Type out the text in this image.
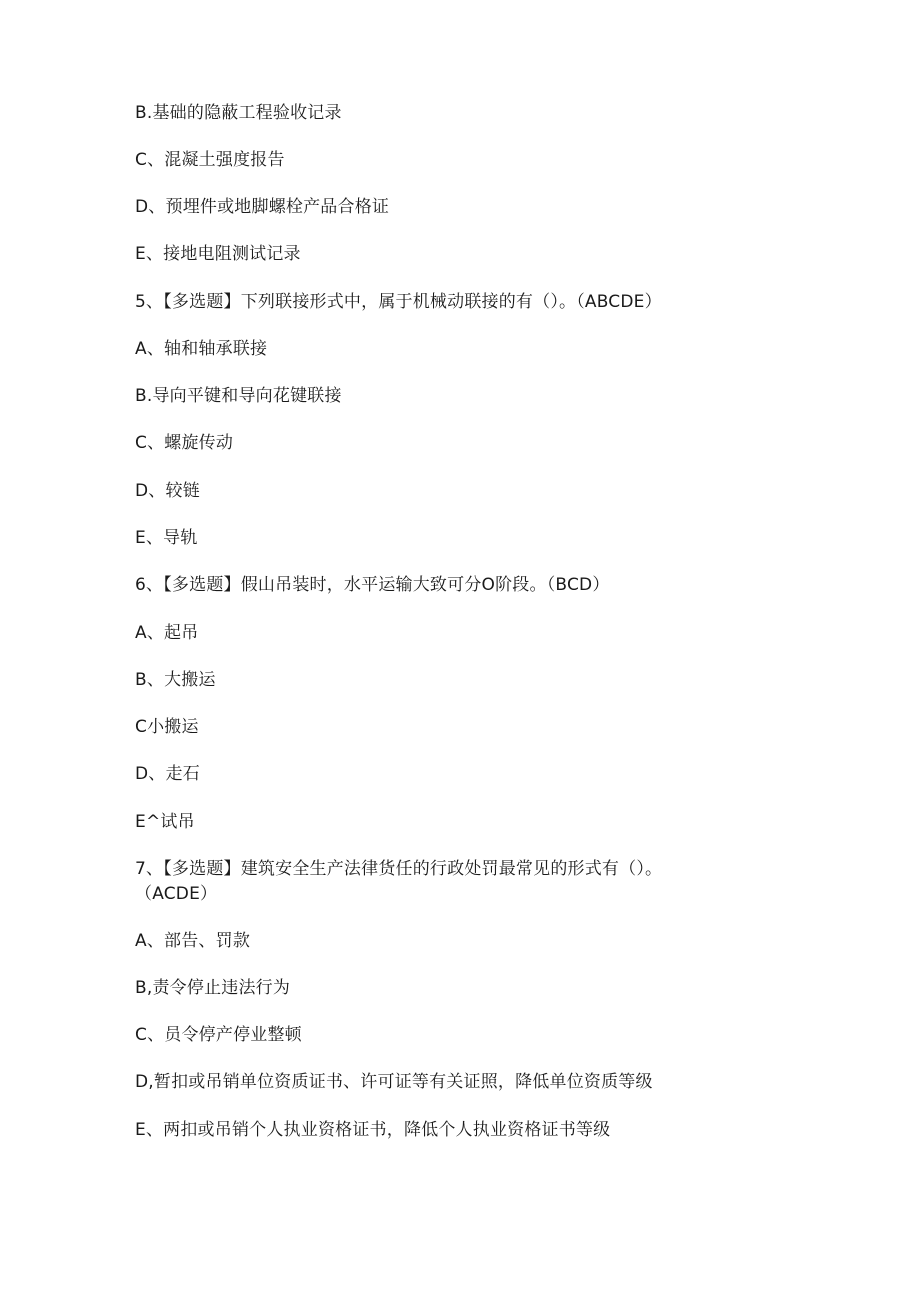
B.基础的隐蔽工程验收记录
C、混凝土强度报告
D、预埋件或地脚螺栓产品合格证
E、接地电阻测试记录
5、【多选题】下列联接形式中，属于机械动联接的有（）。（ABCDE）
A、轴和轴承联接
B.导向平键和导向花键联接
C、螺旋传动
D、较链
E、导轨
6、【多选题】假山吊装时，水平运输大致可分O阶段。（BCD）
A、起吊
B、大搬运
C小搬运
D、走石
E^试吊
7、【多选题】建筑安全生产法律货任的行政处罚最常见的形式有（）。
（ACDE）
A、部告、罚款
B,责令停止违法行为
C、员令停产停业整顿
D,暂扣或吊销单位资质证书、许可证等有关证照，降低单位资质等级
E、两扣或吊销个人执业资格证书，降低个人执业资格证书等级
